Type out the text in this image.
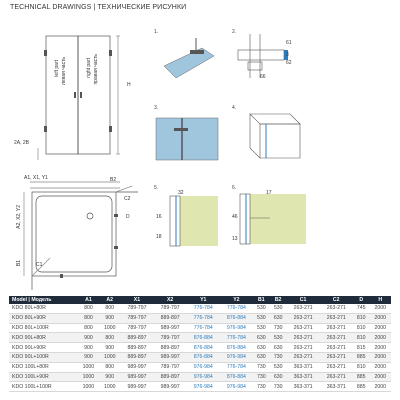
TECHNICAL DRAWINGS | ТЕХНИЧЕСКИЕ РИСУНКИ
left part левая часть	right part правая часть
H
2A, 2B
A1, X1, Y1	B2
A2, X2, Y2
B1	C1
C2
D
1.	2.
61
3
62
66
3.	4.
5.
16
32
18
6.
46
17
13
Model | Модель	A1	A2	X1	X2	Y1	Y2	B1	B2	C1	C2	D	H
KDO 80L+80R	800	800	789-797	789-797	776-784	776-784	530	530	263-271	263-271	745	2000
KDO 80L+90R	800	900	789-797	889-897	776-784	876-884	530	630	263-271	263-271	810	2000
KDO 80L+100R	800	1000	789-797	989-997	776-784	976-984	530	730	263-271	263-271	810	2000
KDO 90L+80R	900	800	889-897	789-797	876-884	776-784	630	530	263-271	263-271	810	2000
KDO 90L+90R	900	900	889-897	889-897	876-884	876-884	630	630	263-271	263-271	815	2000
KDO 90L+100R	900	1000	889-897	989-997	876-884	976-984	630	730	263-271	263-271	885	2000
KDO 100L+80R	1000	800	989-997	789-797	976-984	776-784	730	530	363-371	263-271	810	2000
KDO 100L+90R	1000	900	989-997	889-897	976-984	876-884	730	630	363-371	263-271	885	2000
KDO 100L+100R	1000	1000	989-997	989-997	976-984	976-984	730	730	363-371	363-371	885	2000
